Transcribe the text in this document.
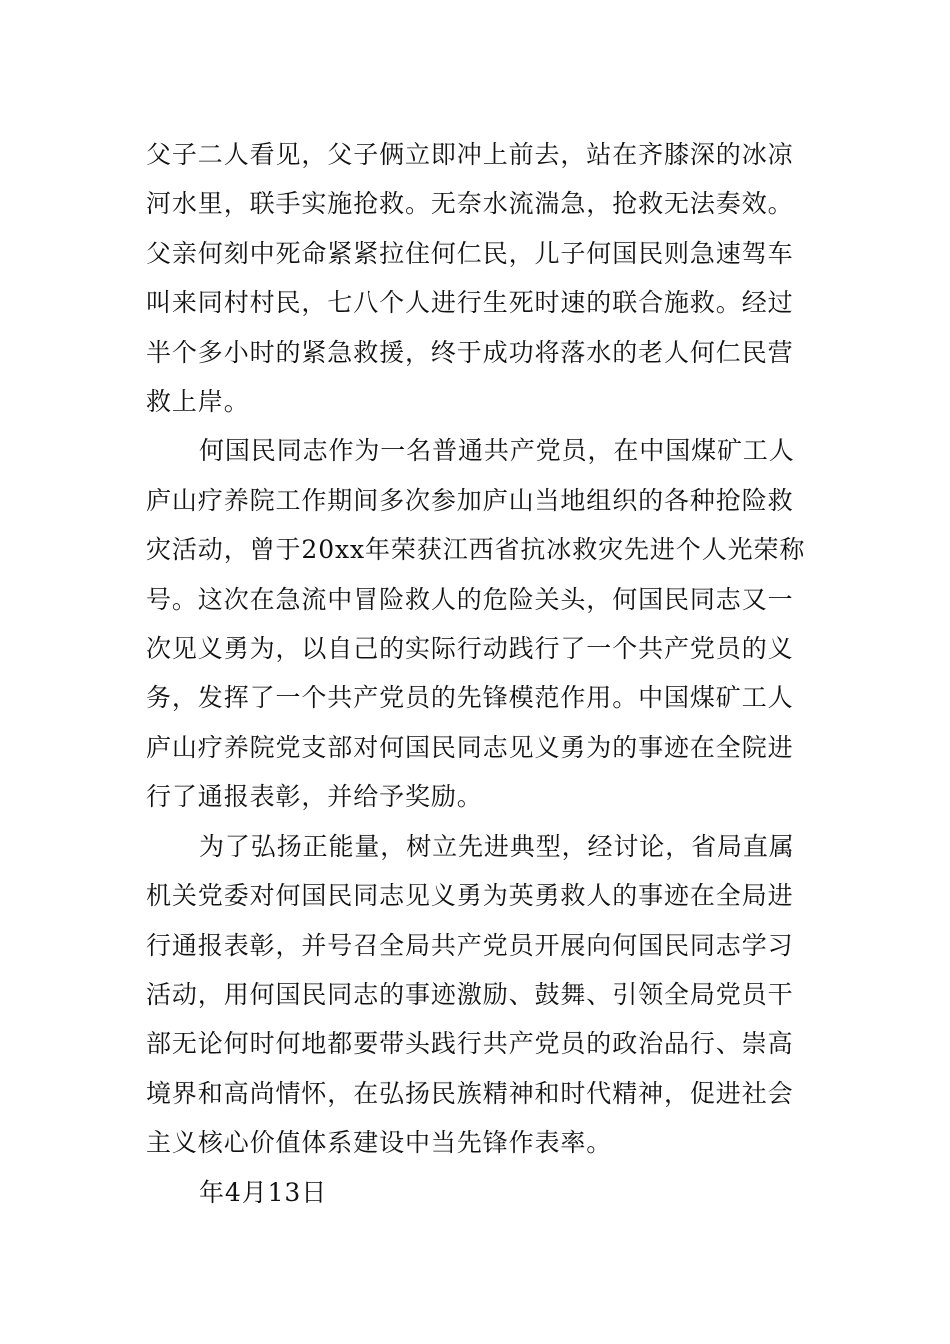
父子二人看见，父子俩立即冲上前去，站在齐膝深的冰凉
河水里，联手实施抢救。无奈水流湍急，抢救无法奏效。
父亲何刻中死命紧紧拉住何仁民，儿子何国民则急速驾车
叫来同村村民，七八个人进行生死时速的联合施救。经过
半个多小时的紧急救援，终于成功将落水的老人何仁民营
救上岸。

何国民同志作为一名普通共产党员，在中国煤矿工人
庐山疗养院工作期间多次参加庐山当地组织的各种抢险救
灾活动，曾于20xx年荣获江西省抗冰救灾先进个人光荣称
号。这次在急流中冒险救人的危险关头，何国民同志又一
次见义勇为，以自己的实际行动践行了一个共产党员的义
务，发挥了一个共产党员的先锋模范作用。中国煤矿工人
庐山疗养院党支部对何国民同志见义勇为的事迹在全院进
行了通报表彰，并给予奖励。

为了弘扬正能量，树立先进典型，经讨论，省局直属
机关党委对何国民同志见义勇为英勇救人的事迹在全局进
行通报表彰，并号召全局共产党员开展向何国民同志学习
活动，用何国民同志的事迹激励、鼓舞、引领全局党员干
部无论何时何地都要带头践行共产党员的政治品行、崇高
境界和高尚情怀，在弘扬民族精神和时代精神，促进社会
主义核心价值体系建设中当先锋作表率。

年4月13日
